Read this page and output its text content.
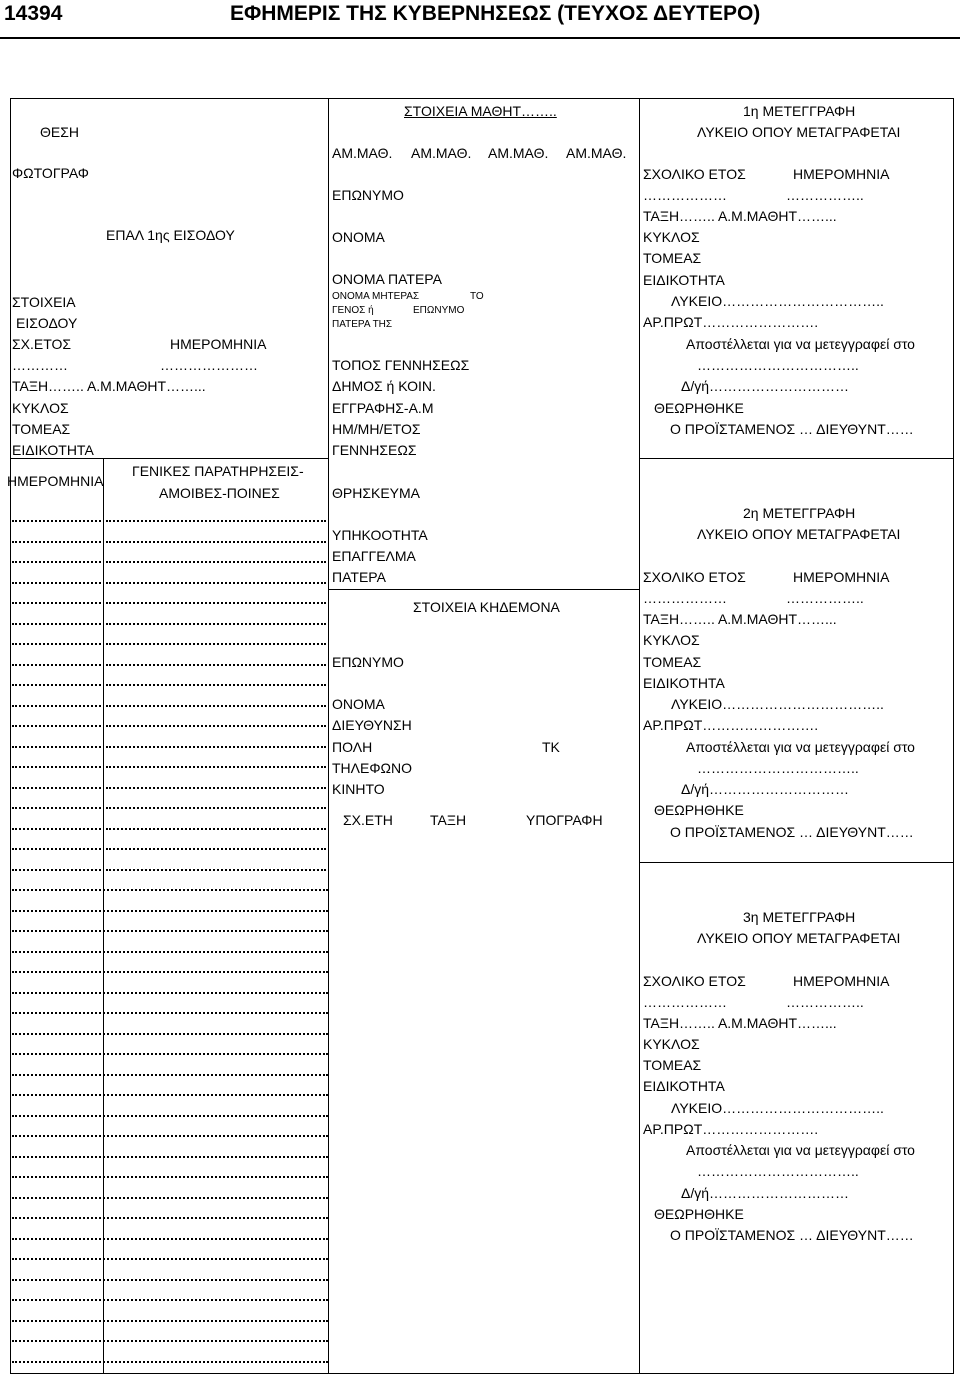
14394	ΕΦΗΜΕΡΙΣ ΤΗΣ ΚΥΒΕΡΝΗΣΕΩΣ (ΤΕΥΧΟΣ ΔΕΥΤΕΡΟ)
ΘΕΣΗ
ΦΩΤΟΓΡΑΦ
ΕΠΑΛ 1ης ΕΙΣΟΔΟΥ
ΣΤΟΙΧΕΙΑ
ΕΙΣΟΔΟΥ
ΣΧ.ΕΤΟΣ	ΗΜΕΡΟΜΗΝΙΑ
…………	…………………
ΤΑΞΗ…….. Α.Μ.ΜΑΘΗΤ……...
ΚΥΚΛΟΣ
ΤΟΜΕΑΣ
ΕΙΔΙΚΟΤΗΤΑ
ΗΜΕΡΟΜΗΝΙΑ
ΓΕΝΙΚΕΣ ΠΑΡΑΤΗΡΗΣΕΙΣ-
ΑΜΟΙΒΕΣ-ΠΟΙΝΕΣ
ΣΤΟΙΧΕΙΑ ΜΑΘΗΤ……..
ΑΜ.ΜΑΘ. ΑΜ.ΜΑΘ. ΑΜ.ΜΑΘ. ΑΜ.ΜΑΘ.
ΕΠΩΝΥΜΟ
ΟΝΟΜΑ
ΟΝΟΜΑ ΠΑΤΕΡΑ
ΟΝΟΜΑ ΜΗΤΕΡΑΣ	ΤΟ
ΓΕΝΟΣ ή	ΕΠΩΝΥΜΟ
ΠΑΤΕΡΑ ΤΗΣ
ΤΟΠΟΣ ΓΕΝΝΗΣΕΩΣ
ΔΗΜΟΣ ή ΚΟΙΝ.
ΕΓΓΡΑΦΗΣ-Α.Μ
ΗΜ/ΜΗ/ΕΤΟΣ
ΓΕΝΝΗΣΕΩΣ
ΘΡΗΣΚΕΥΜΑ
ΥΠΗΚΟΟΤΗΤΑ
ΕΠΑΓΓΕΛΜΑ
ΠΑΤΕΡΑ
ΣΤΟΙΧΕΙΑ ΚΗΔΕΜΟΝΑ
ΕΠΩΝΥΜΟ
ΟΝΟΜΑ
ΔΙΕΥΘΥΝΣΗ
ΠΟΛΗ	ΤΚ
ΤΗΛΕΦΩΝΟ
ΚΙΝΗΤΟ
ΣΧ.ΕΤΗ	ΤΑΞΗ	ΥΠΟΓΡΑΦΗ
1η ΜΕΤΕΓΓΡΑΦΗ
ΛΥΚΕΙΟ ΟΠΟΥ ΜΕΤΑΓΡΑΦΕΤΑΙ
ΣΧΟΛΙΚΟ ΕΤΟΣ	ΗΜΕΡΟΜΗΝΙΑ
………………	……………..
ΤΑΞΗ…….. Α.Μ.ΜΑΘΗΤ……...
ΚΥΚΛΟΣ
ΤΟΜΕΑΣ
ΕΙΔΙΚΟΤΗΤΑ
ΛΥΚΕΙΟ……………………………..
ΑΡ.ΠΡΩΤ…………………….
Αποστέλλεται για να μετεγγραφεί στο
……………………………..
Δ/γή…………………………
ΘΕΩΡΗΘΗΚΕ
Ο ΠΡΟΪΣΤΑΜΕΝΟΣ … ΔΙΕΥΘΥΝΤ……
2η ΜΕΤΕΓΓΡΑΦΗ
ΛΥΚΕΙΟ ΟΠΟΥ ΜΕΤΑΓΡΑΦΕΤΑΙ
ΣΧΟΛΙΚΟ ΕΤΟΣ	ΗΜΕΡΟΜΗΝΙΑ
………………	……………..
ΤΑΞΗ…….. Α.Μ.ΜΑΘΗΤ……...
ΚΥΚΛΟΣ
ΤΟΜΕΑΣ
ΕΙΔΙΚΟΤΗΤΑ
ΛΥΚΕΙΟ……………………………..
ΑΡ.ΠΡΩΤ…………………….
Αποστέλλεται για να μετεγγραφεί στο
……………………………..
Δ/γή…………………………
ΘΕΩΡΗΘΗΚΕ
Ο ΠΡΟΪΣΤΑΜΕΝΟΣ … ΔΙΕΥΘΥΝΤ……
3η ΜΕΤΕΓΓΡΑΦΗ
ΛΥΚΕΙΟ ΟΠΟΥ ΜΕΤΑΓΡΑΦΕΤΑΙ
ΣΧΟΛΙΚΟ ΕΤΟΣ	ΗΜΕΡΟΜΗΝΙΑ
………………	……………..
ΤΑΞΗ…….. Α.Μ.ΜΑΘΗΤ……...
ΚΥΚΛΟΣ
ΤΟΜΕΑΣ
ΕΙΔΙΚΟΤΗΤΑ
ΛΥΚΕΙΟ……………………………..
ΑΡ.ΠΡΩΤ…………………….
Αποστέλλεται για να μετεγγραφεί στο
……………………………..
Δ/γή…………………………
ΘΕΩΡΗΘΗΚΕ
Ο ΠΡΟΪΣΤΑΜΕΝΟΣ … ΔΙΕΥΘΥΝΤ……
